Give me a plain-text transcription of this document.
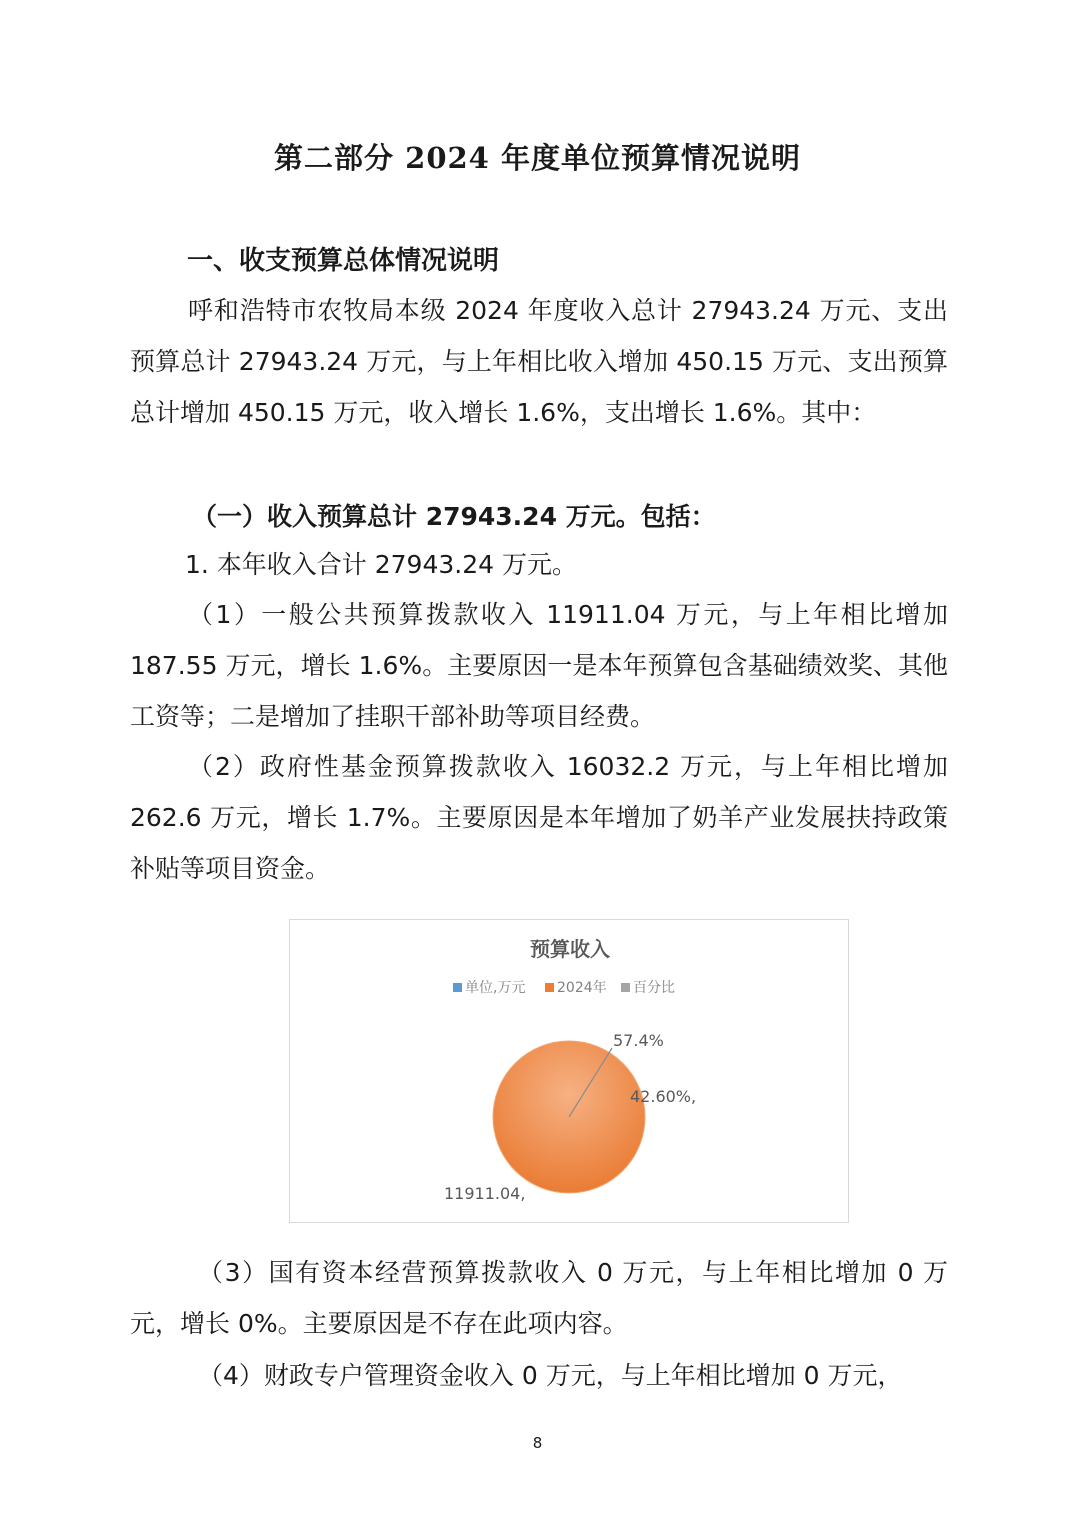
第二部分 2024 年度单位预算情况说明
一、收支预算总体情况说明

呼和浩特市农牧局本级 2024 年度收入总计 27943.24 万元、支出预算总计 27943.24 万元，与上年相比收入增加 450.15 万元、支出预算总计增加 450.15 万元，收入增长 1.6%，支出增长 1.6%。其中：

（一）收入预算总计 27943.24 万元。包括：

1. 本年收入合计 27943.24 万元。

（1）一般公共预算拨款收入 11911.04 万元，与上年相比增加 187.55 万元，增长 1.6%。主要原因一是本年预算包含基础绩效奖、其他工资等；二是增加了挂职干部补助等项目经费。

（2）政府性基金预算拨款收入 16032.2 万元，与上年相比增加 262.6 万元，增长 1.7%。主要原因是本年增加了奶羊产业发展扶持政策补贴等项目资金。

预算收入
单位,万元 2024年 百分比
57.4%
42.60%,
11911.04,

（3）国有资本经营预算拨款收入 0 万元，与上年相比增加 0 万元，增长 0%。主要原因是不存在此项内容。

（4）财政专户管理资金收入 0 万元，与上年相比增加 0 万元，

8
